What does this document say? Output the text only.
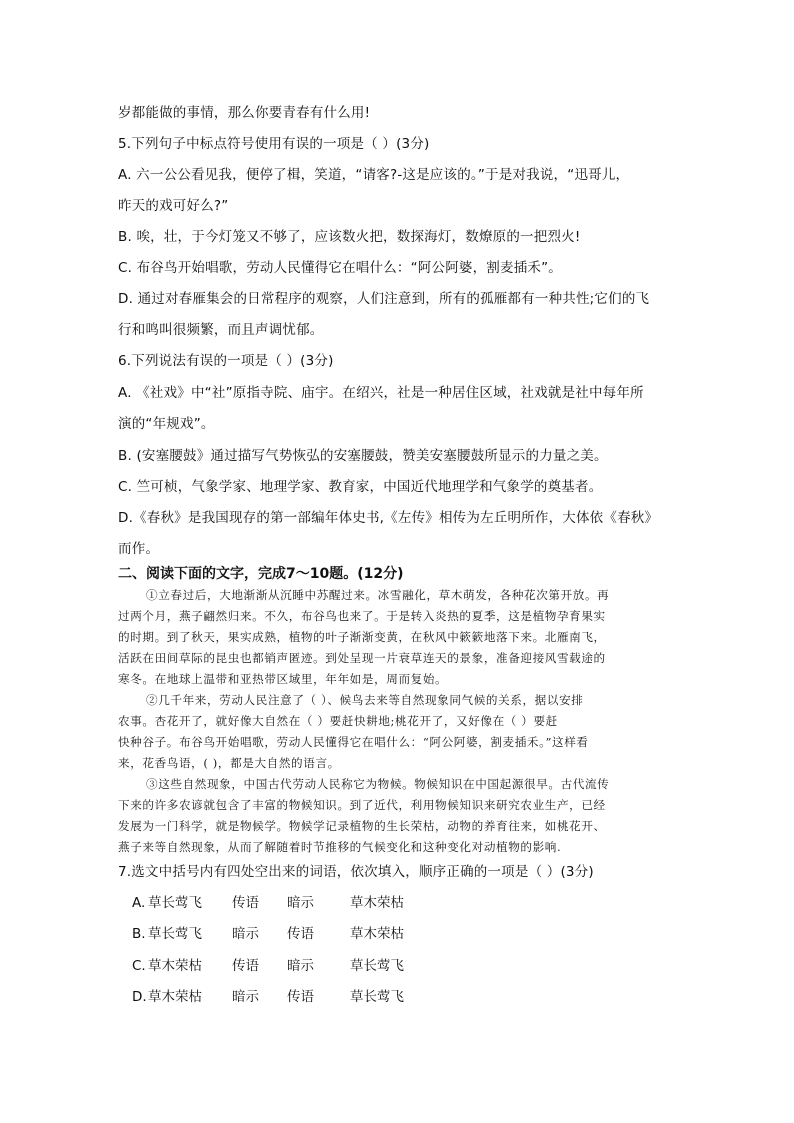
岁都能做的事情，那么你要青春有什么用!
5.下列句子中标点符号使用有误的一项是（ ）(3分)
A. 六一公公看见我，便停了楫，笑道，“请客?-这是应该的。”于是对我说，“迅哥儿，
昨天的戏可好么?”
B. 唉，壮，于今灯笼又不够了，应该数火把，数探海灯，数燎原的一把烈火!
C. 布谷鸟开始唱歌，劳动人民懂得它在唱什么：“阿公阿婆，割麦插禾”。
D. 通过对春雁集会的日常程序的观察，人们注意到，所有的孤雁都有一种共性;它们的飞
行和鸣叫很频繁，而且声调忧郁。
6.下列说法有误的一项是（ ）(3分)
A. 《社戏》中“社”原指寺院、庙宇。在绍兴，社是一种居住区域，社戏就是社中每年所
演的“年规戏”。
B. (安塞腰鼓》通过描写气势恢弘的安塞腰鼓，赞美安塞腰鼓所显示的力量之美。
C. 竺可桢，气象学家、地理学家、教育家，中国近代地理学和气象学的奠基者。
D.《春秋》是我国现存的第一部编年体史书,《左传》相传为左丘明所作，大体依《春秋》
而作。
二、阅读下面的文字，完成7～10题。(12分)
①立春过后，大地渐渐从沉睡中苏醒过来。冰雪融化，草木萌发，各种花次第开放。再
过两个月，燕子翩然归来。不久，布谷鸟也来了。于是转入炎热的夏季，这是植物孕育果实
的时期。到了秋天，果实成熟，植物的叶子渐渐变黄，在秋风中簌簌地落下来。北雁南飞，
活跃在田间草际的昆虫也都销声匿迹。到处呈现一片衰草连天的景象，准备迎接风雪载途的
寒冬。在地球上温带和亚热带区域里，年年如是，周而复始。
②几千年来，劳动人民注意了（ ）、候鸟去来等自然现象同气候的关系，据以安排
农事。杏花开了，就好像大自然在（ ）要赶快耕地;桃花开了，又好像在（ ）要赶
快种谷子。布谷鸟开始唱歌，劳动人民懂得它在唱什么：“阿公阿婆，割麦插禾。”这样看
来，花香鸟语，( )，都是大自然的语言。
③这些自然现象，中国古代劳动人民称它为物候。物候知识在中国起源很早。古代流传
下来的许多农谚就包含了丰富的物候知识。到了近代，利用物候知识来研究农业生产，已经
发展为一门科学，就是物候学。物候学记录植物的生长荣枯，动物的养育往来，如桃花开、
燕子来等自然现象，从而了解随着时节推移的气候变化和这种变化对动植物的影响.
7.选文中括号内有四处空出来的词语，依次填入，顺序正确的一项是（ ）(3分)
A. 草长莺飞 传语 暗示	草木荣枯
B. 草长莺飞 暗示 传语	草木荣枯
C. 草木荣枯 传语 暗示	草长莺飞
D. 草木荣枯 暗示 传语	草长莺飞
